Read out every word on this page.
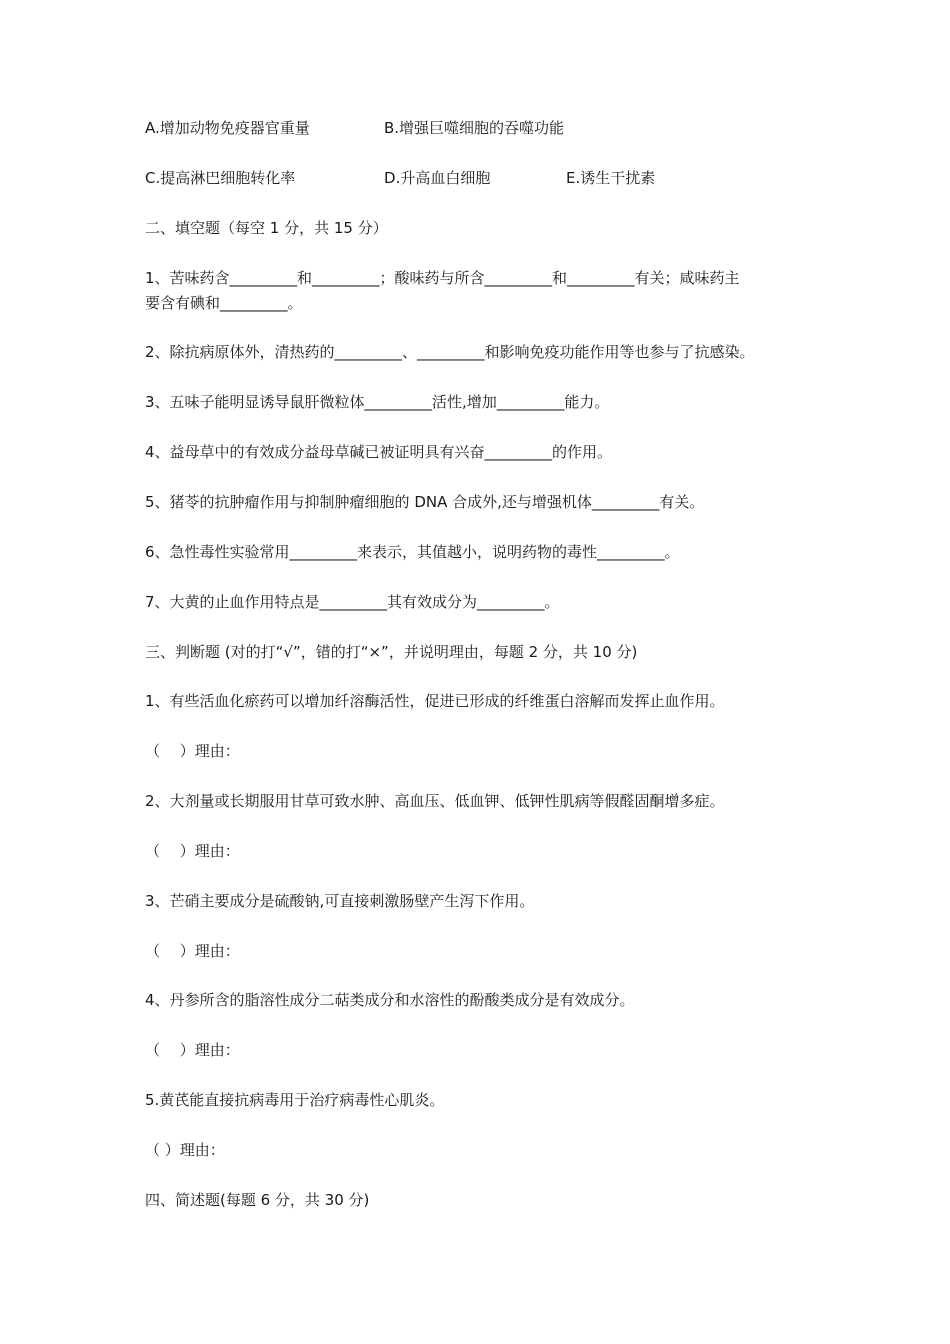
A.增加动物免疫器官重量	B.增强巨噬细胞的吞噬功能
C.提高淋巴细胞转化率	D.升高血白细胞	E.诱生干扰素
二、填空题（每空 1 分，共 15 分）
1、苦味药含_________和_________；酸味药与所含_________和_________有关；咸味药主
要含有碘和_________。
2、除抗病原体外，清热药的_________、_________和影响免疫功能作用等也参与了抗感染。
3、五味子能明显诱导鼠肝微粒体_________活性,增加_________能力。
4、益母草中的有效成分益母草碱已被证明具有兴奋_________的作用。
5、猪苓的抗肿瘤作用与抑制肿瘤细胞的 DNA 合成外,还与增强机体_________有关。
6、急性毒性实验常用_________来表示，其值越小，说明药物的毒性_________。
7、大黄的止血作用特点是_________其有效成分为_________。
三、判断题 (对的打“√”，错的打“×”，并说明理由，每题 2 分，共 10 分)
1、有些活血化瘀药可以增加纤溶酶活性，促进已形成的纤维蛋白溶解而发挥止血作用。
（　 ）理由：
2、大剂量或长期服用甘草可致水肿、高血压、低血钾、低钾性肌病等假醛固酮增多症。
（　 ）理由：
3、芒硝主要成分是硫酸钠,可直接刺激肠壁产生泻下作用。
（　 ）理由：
4、丹参所含的脂溶性成分二萜类成分和水溶性的酚酸类成分是有效成分。
（　 ）理由：
5.黄芪能直接抗病毒用于治疗病毒性心肌炎。
（ ）理由：
四、简述题(每题 6 分，共 30 分)
